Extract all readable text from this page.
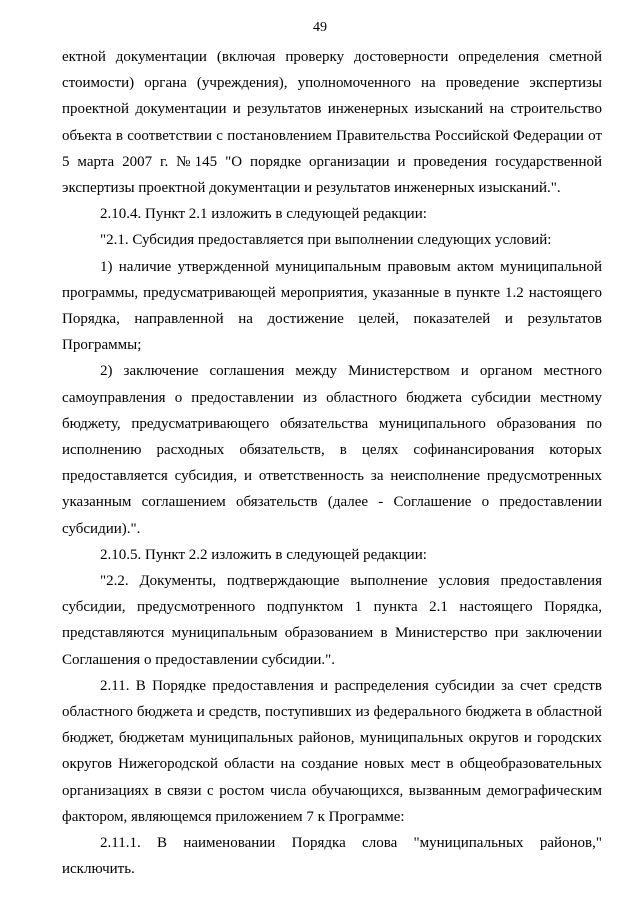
49

ектной документации (включая проверку достоверности определения сметной стоимости) органа (учреждения), уполномоченного на проведение экспертизы проектной документации и результатов инженерных изысканий на строительство объекта в соответствии с постановлением Правительства Российской Федерации от 5 марта 2007 г. №145 "О порядке организации и проведения государственной экспертизы проектной документации и результатов инженерных изысканий.".

2.10.4. Пункт 2.1 изложить в следующей редакции:

"2.1. Субсидия предоставляется при выполнении следующих условий:

1) наличие утвержденной муниципальным правовым актом муниципальной программы, предусматривающей мероприятия, указанные в пункте 1.2 настоящего Порядка, направленной на достижение целей, показателей и результатов Программы;

2) заключение соглашения между Министерством и органом местного самоуправления о предоставлении из областного бюджета субсидии местному бюджету, предусматривающего обязательства муниципального образования по исполнению расходных обязательств, в целях софинансирования которых предоставляется субсидия, и ответственность за неисполнение предусмотренных указанным соглашением обязательств (далее - Соглашение о предоставлении субсидии).".

2.10.5. Пункт 2.2 изложить в следующей редакции:

"2.2. Документы, подтверждающие выполнение условия предоставления субсидии, предусмотренного подпунктом 1 пункта 2.1 настоящего Порядка, представляются муниципальным образованием в Министерство при заключении Соглашения о предоставлении субсидии.".

2.11. В Порядке предоставления и распределения субсидии за счет средств областного бюджета и средств, поступивших из федерального бюджета в областной бюджет, бюджетам муниципальных районов, муниципальных округов и городских округов Нижегородской области на создание новых мест в общеобразовательных организациях в связи с ростом числа обучающихся, вызванным демографическим фактором, являющемся приложением 7 к Программе:

2.11.1. В наименовании Порядка слова "муниципальных районов," исключить.
